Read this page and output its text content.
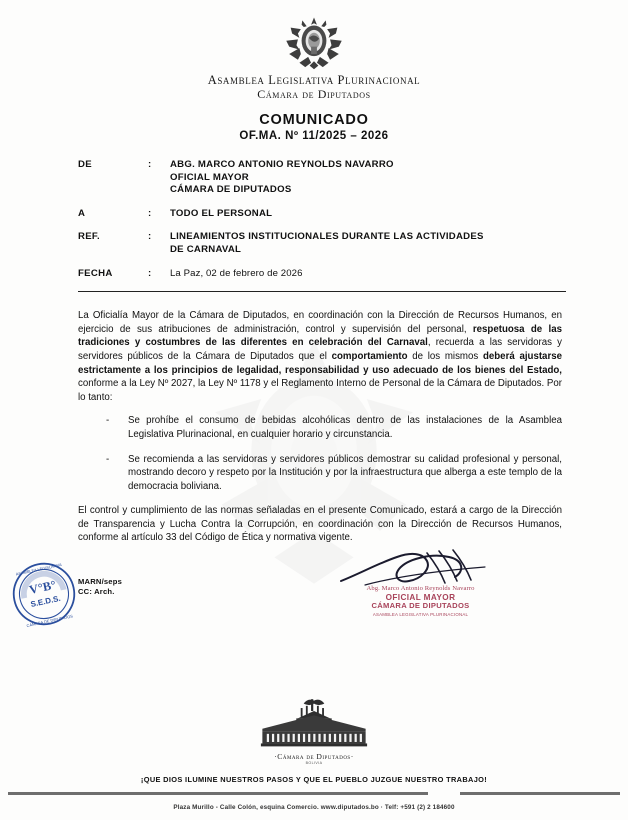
Asamblea Legislativa Plurinacional
Cámara de Diputados
COMUNICADO
OF.MA. Nº 11/2025 – 2026
DE	:	ABG. MARCO ANTONIO REYNOLDS NAVARRO
OFICIAL MAYOR
CÁMARA DE DIPUTADOS
A	:	TODO EL PERSONAL
REF.	:	LINEAMIENTOS INSTITUCIONALES DURANTE LAS ACTIVIDADES
DE CARNAVAL
FECHA	:	La Paz, 02 de febrero de 2026

La Oficialía Mayor de la Cámara de Diputados, en coordinación con la Dirección de Recursos Humanos, en ejercicio de sus atribuciones de administración, control y supervisión del personal, respetuosa de las tradiciones y costumbres de las diferentes en celebración del Carnaval, recuerda a las servidoras y servidores públicos de la Cámara de Diputados que el comportamiento de los mismos deberá ajustarse estrictamente a los principios de legalidad, responsabilidad y uso adecuado de los bienes del Estado, conforme a la Ley Nº 2027, la Ley Nº 1178 y el Reglamento Interno de Personal de la Cámara de Diputados. Por lo tanto:

- Se prohíbe el consumo de bebidas alcohólicas dentro de las instalaciones de la Asamblea Legislativa Plurinacional, en cualquier horario y circunstancia.
- Se recomienda a las servidoras y servidores públicos demostrar su calidad profesional y personal, mostrando decoro y respeto por la Institución y por la infraestructura que alberga a este templo de la democracia boliviana.

El control y cumplimiento de las normas señaladas en el presente Comunicado, estará a cargo de la Dirección de Transparencia y Lucha Contra la Corrupción, en coordinación con la Dirección de Recursos Humanos, conforme al artículo 33 del Código de Ética y normativa vigente.

V°B°
S.E.D.S.
ASAMBLEA LEGISLATIVA
CÁMARA DE DIPUTADOS
MARN/seps
CC: Arch.	Abg. Marco Antonio Reynolds Navarro
OFICIAL MAYOR
CÁMARA DE DIPUTADOS
ASAMBLEA LEGISLATIVA PLURINACIONAL
·Cámara de Diputados·
BOLIVIA
¡QUE DIOS ILUMINE NUESTROS PASOS Y QUE EL PUEBLO JUZGUE NUESTRO TRABAJO!
Plaza Murillo - Calle Colón, esquina Comercio. www.diputados.bo · Telf: +591 (2) 2 184600
